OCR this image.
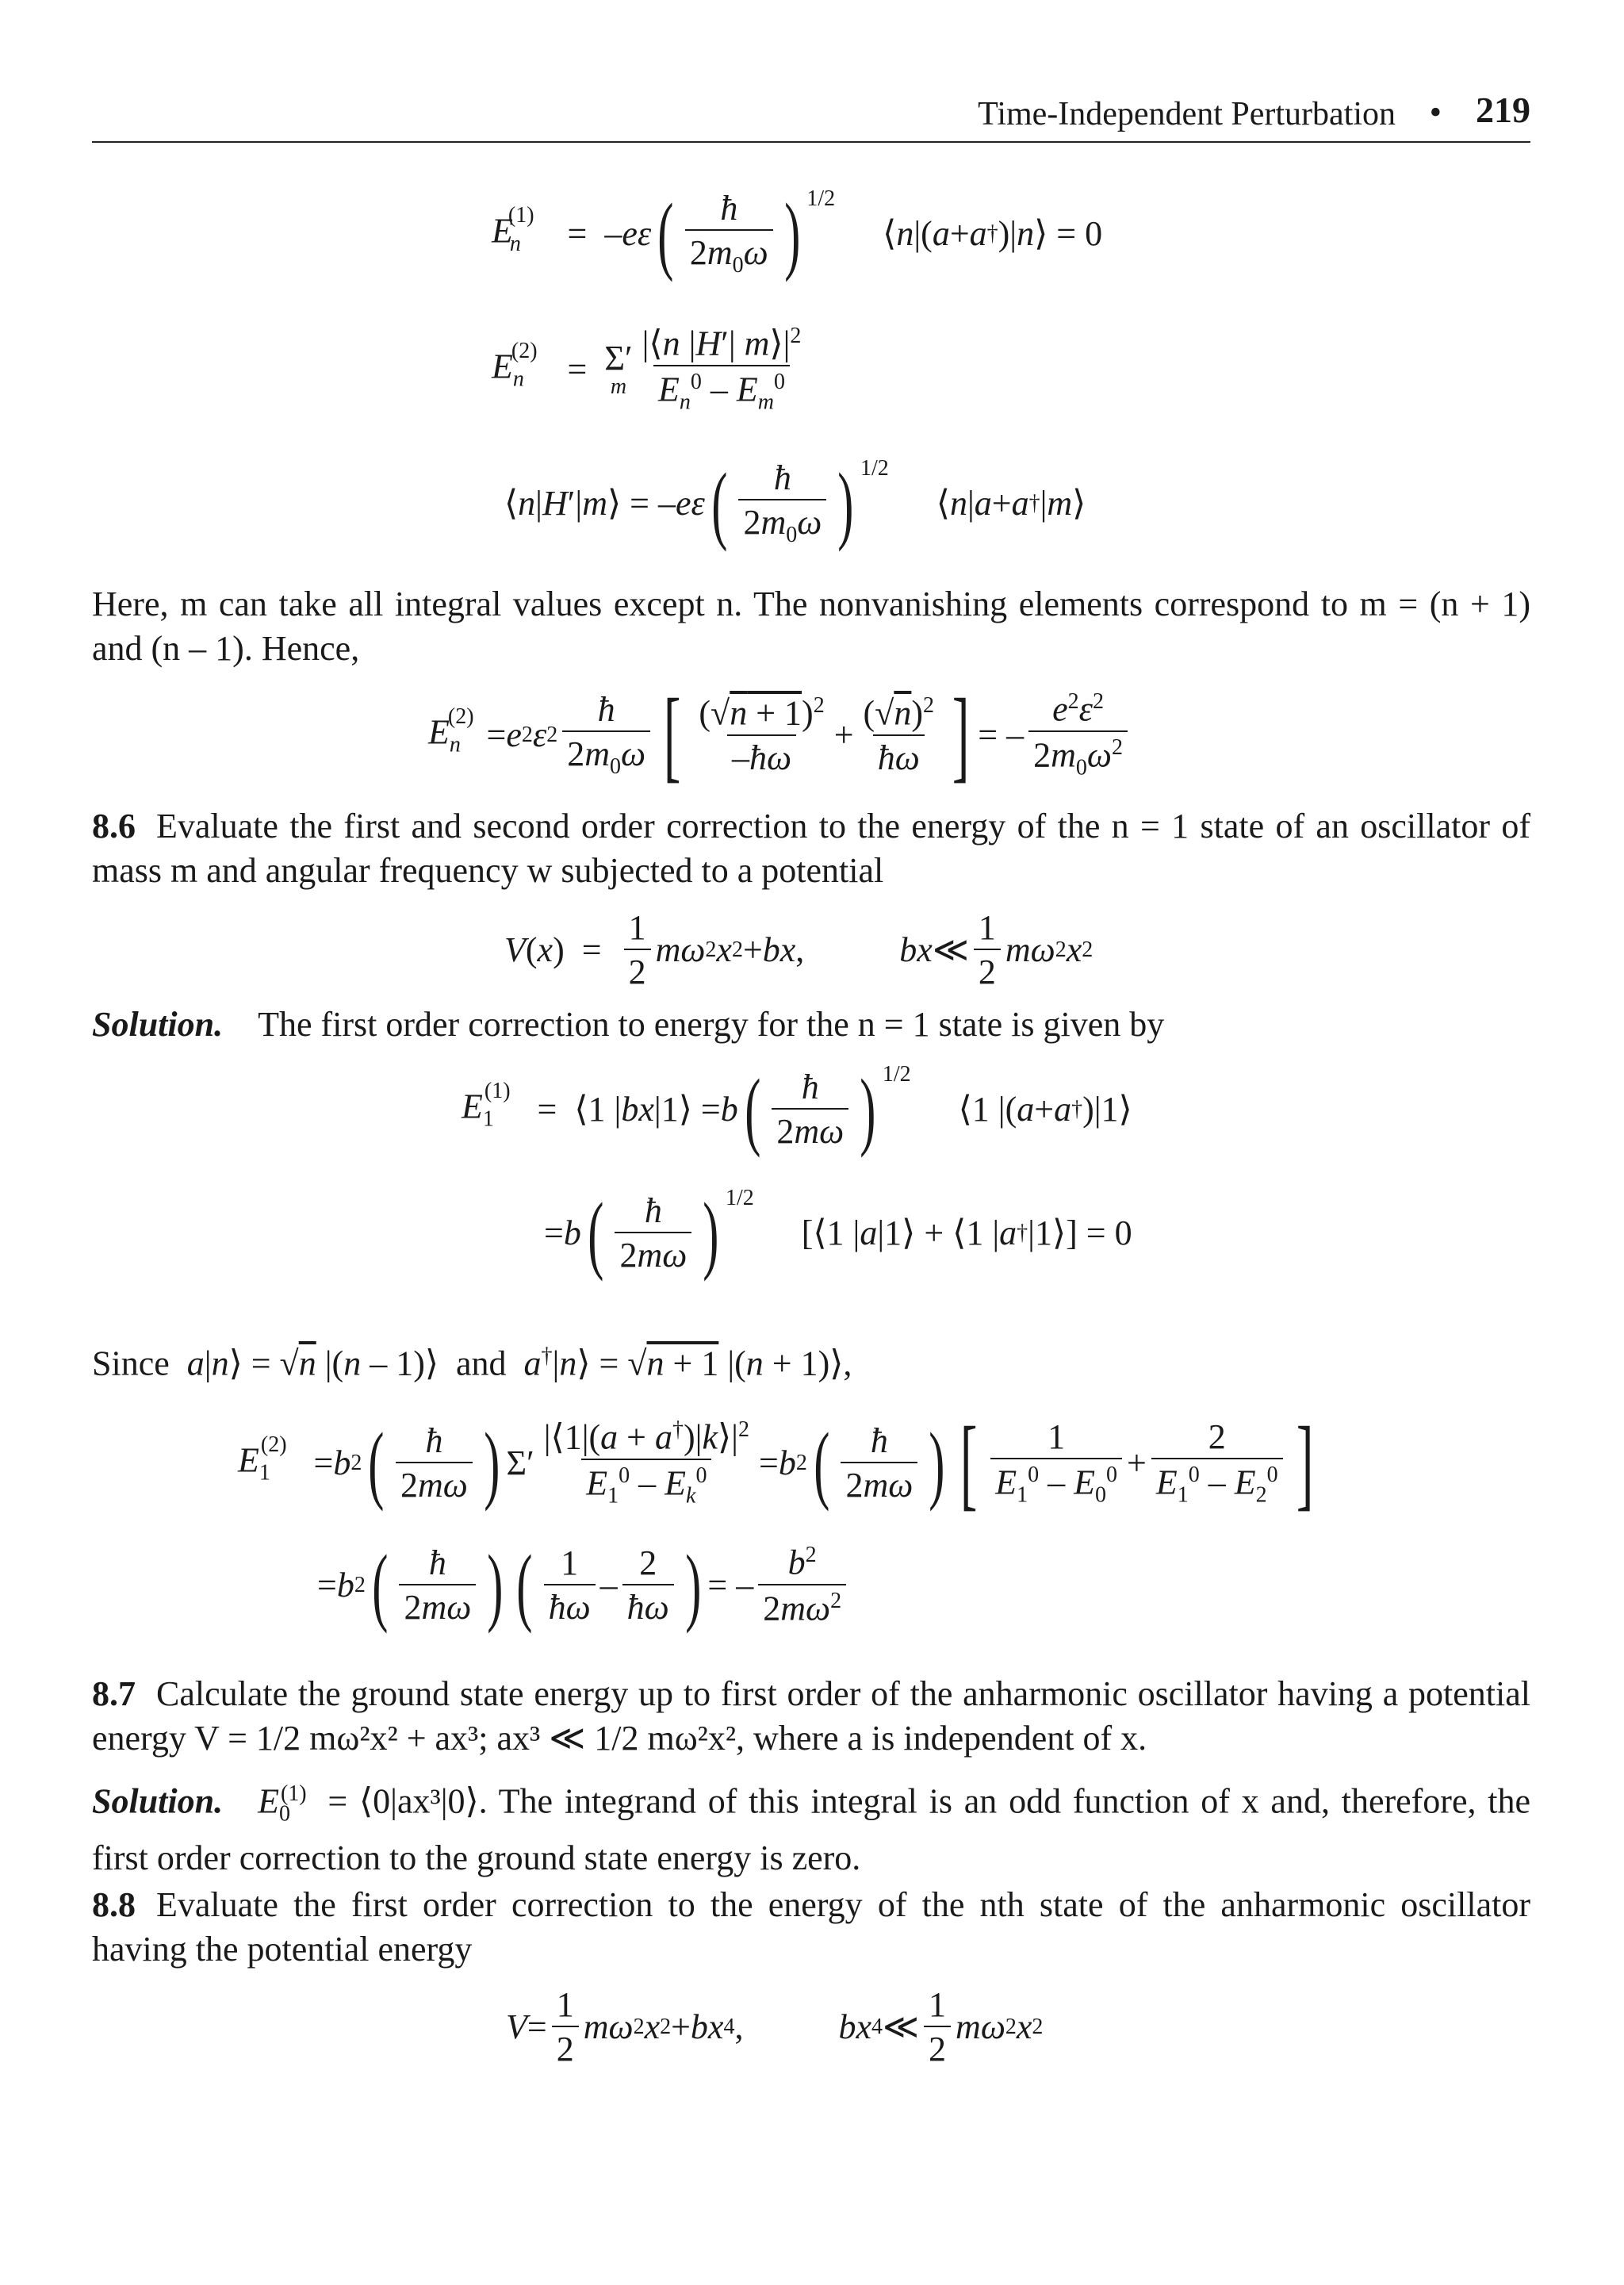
Time-Independent Perturbation • 219
$E_n^{(1)}$ = – eε ( $\frac{ħ}{2m_0\omega}$ ) $^{1/2}$
⟨ n |( a + a † )| n ⟩ = 0
$E_n^{(2)} = \Sigma'$
m $\frac{|⟨n |H'| m⟩|^2}{E_n^0 - E_m^0}$
⟨ n | H ′| m ⟩ = – eε ( $\frac{ħ}{2m_0\omega}$ ) $^{1/2}$
⟨ n | a + a † | m ⟩
Here, m can take all integral values except n. The nonvanishing elements correspond to m = (n + 1) and (n – 1). Hence,
$E_n^{(2)} = e$ 2 ε $2 \frac{ħ}{2m_0\omega}$ [ $\frac{(√n + 1)^2}{-ħ\omega} + \frac{(√n)^2}{ħ\omega}$ ] = – $\frac{e^2\varepsilon^2}{2m_0\omega^2}$
8.6 Evaluate the first and second order correction to the energy of the n = 1 state of an oscillator of mass m and angular frequency w subjected to a potential
V ( x ) = $\frac{1}{2}$ mω 2 x 2 + bx ,	bx ≪ $\frac{1}{2}$ mω 2 x 2
Solution. The first order correction to energy for the n = 1 state is given by
$E_1^{(1)}$ = ⟨1 | bx |1⟩ = b ( $\frac{ħ}{2m\omega}$ ) $^{1/2}$
⟨1 |( a + a † )|1⟩
= b ( $\frac{ħ}{2m\omega}$ ) $^{1/2}$
[⟨1 | a |1⟩ + ⟨1 | a † |1⟩] = 0
Since a|n⟩ = √n |(n – 1)⟩  and a†|n⟩ = √n + 1 |(n + 1)⟩,
$E_1^{(2)} = b$ 2 ( $\frac{ħ}{2m\omega}$ ) $\Sigma' \frac{|⟨1|(a + a^\dagger)|k⟩|^2}{E_1^0 - E_k^0} = b$ 2 ( $\frac{ħ}{2m\omega}$ ) [ $\frac{1}{E_1^0 - E_0^0} + \frac{2}{E_1^0 - E_2^0}$ ]
= b 2 ( $\frac{ħ}{2m\omega}$ ) ( $\frac{1}{ħ\omega} - \frac{2}{ħ\omega}$ ) = – $\frac{b^2}{2m\omega^2}$
8.7 Calculate the ground state energy up to first order of the anharmonic oscillator having a potential energy V = 1/2 mω²x² + ax³; ax³ ≪ 1/2 mω²x², where a is independent of x.
Solution. $E_0^{(1)}$ = ⟨0|ax³|0⟩. The integrand of this integral is an odd function of x and, therefore, the first order correction to the ground state energy is zero.
8.8 Evaluate the first order correction to the energy of the nth state of the anharmonic oscillator having the potential energy
$V = \frac{1}{2}$ mω 2 x 2 + bx 4 ,	bx 4 ≪ $\frac{1}{2}$ mω 2 x 2
